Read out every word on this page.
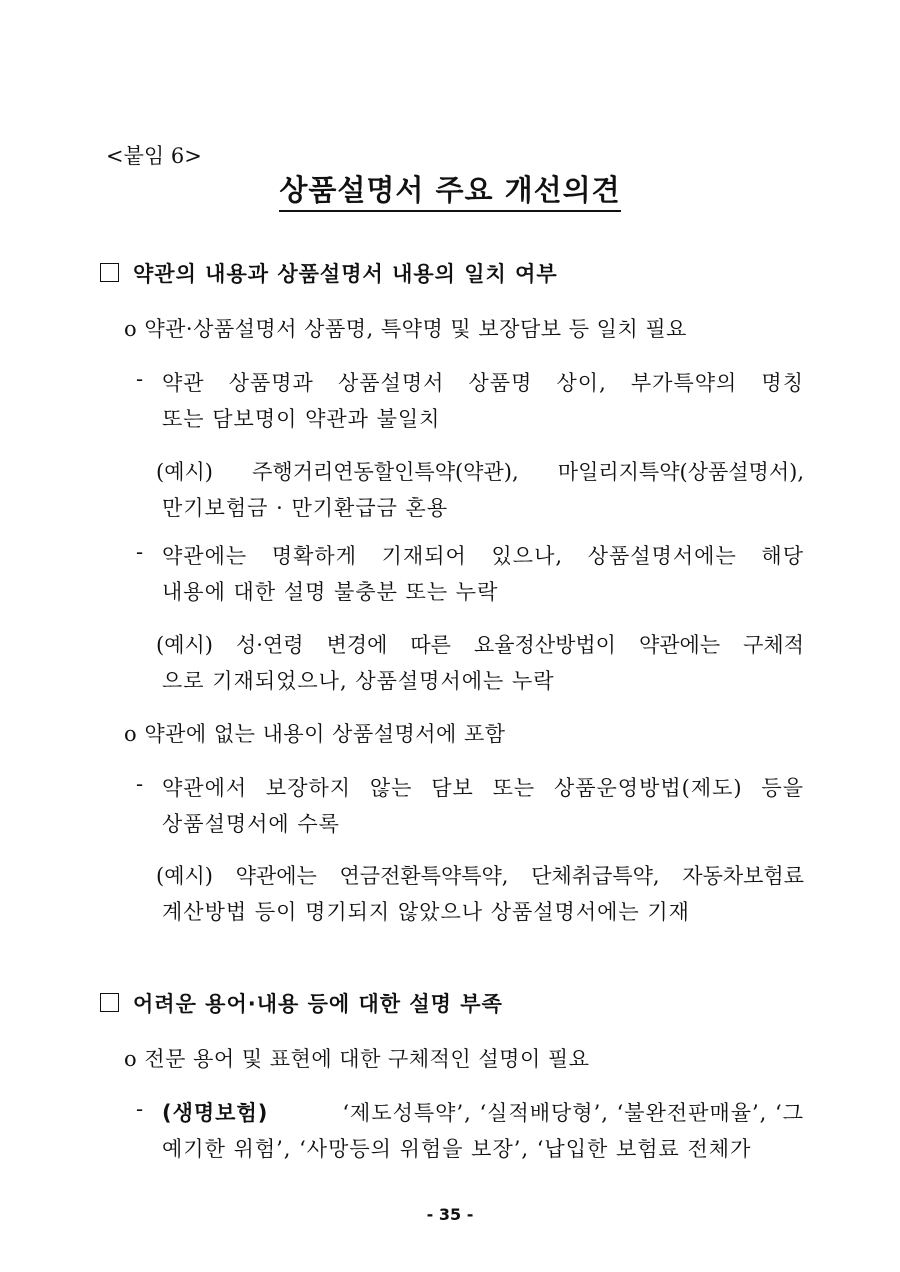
<붙임 6>
상품설명서 주요 개선의견
약관의 내용과 상품설명서 내용의 일치 여부
o 약관·상품설명서 상품명, 특약명 및 보장담보 등 일치 필요
- 약관 상품명과 상품설명서 상품명 상이, 부가특약의 명칭
또는 담보명이 약관과 불일치
(예시) 주행거리연동할인특약(약관), 마일리지특약(상품설명서),
만기보험금 · 만기환급금 혼용
- 약관에는 명확하게 기재되어 있으나, 상품설명서에는 해당
내용에 대한 설명 불충분 또는 누락
(예시) 성·연령 변경에 따른 요율정산방법이 약관에는 구체적
으로 기재되었으나, 상품설명서에는 누락
o 약관에 없는 내용이 상품설명서에 포함
- 약관에서 보장하지 않는 담보 또는 상품운영방법(제도) 등을
상품설명서에 수록
(예시) 약관에는 연금전환특약특약, 단체취급특약, 자동차보험료
계산방법 등이 명기되지 않았으나 상품설명서에는 기재
어려운 용어·내용 등에 대한 설명 부족
o 전문 용어 및 표현에 대한 구체적인 설명이 필요
- (생명보험)	‘제도성특약’, ‘실적배당형’, ‘불완전판매율’, ‘그
예기한 위험’, ‘사망등의 위험을 보장’, ‘납입한 보험료 전체가
- 35 -
